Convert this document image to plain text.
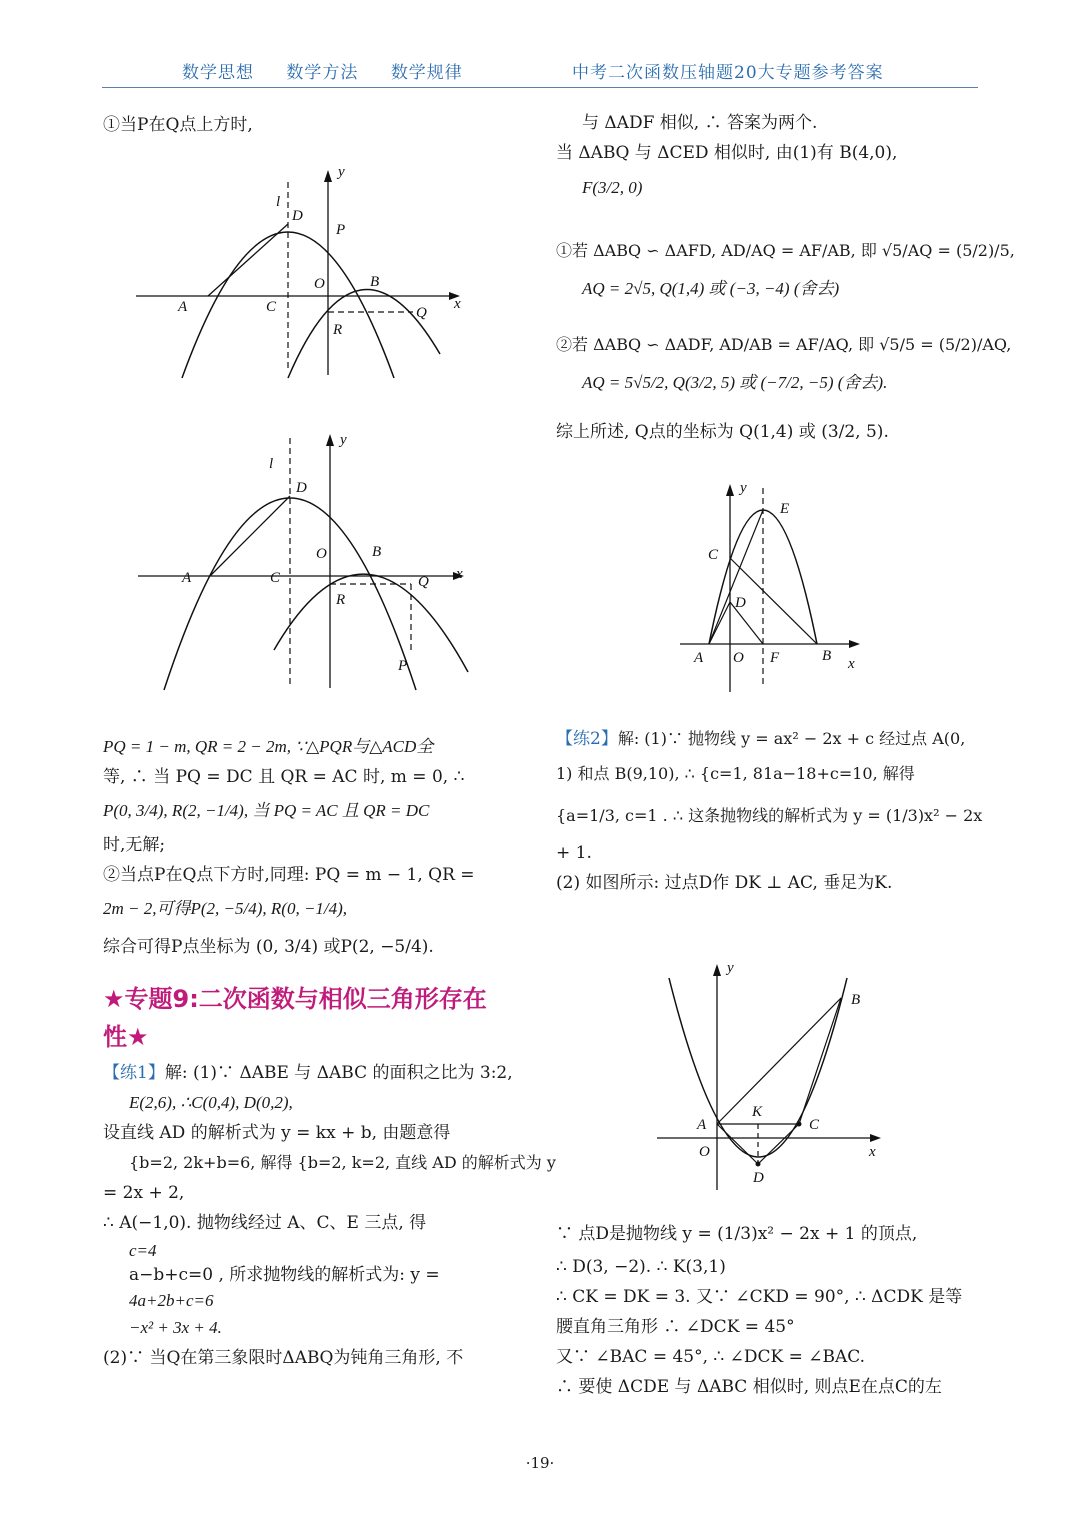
数学思想 数学方法 数学规律	中考二次函数压轴题20大专题参考答案
①当P在Q点上方时,
l
D
P
y
O	B
A	C	Q
x
R
l
y
D
O	B
A	C	Q x
R
P
PQ = 1 − m, QR = 2 − 2m, ∵△PQR与△ACD全
等, ∴ 当 PQ = DC 且 QR = AC 时, m = 0, ∴
P(0, 3/4), R(2, −1/4), 当 PQ = AC 且 QR = DC
时,无解;
②当点P在Q点下方时,同理: PQ = m − 1, QR =
2m − 2,可得P(2, −5/4), R(0, −1/4),
综合可得P点坐标为 (0, 3/4) 或P(2, −5/4).
★专题9:二次函数与相似三角形存在
性★
【练1】解: (1)∵ ΔABE 与 ΔABC 的面积之比为 3:2,
E(2,6), ∴C(0,4), D(0,2),
设直线 AD 的解析式为 y = kx + b, 由题意得
{b=2, 2k+b=6, 解得 {b=2, k=2, 直线 AD 的解析式为 y
= 2x + 2,
∴ A(−1,0). 抛物线经过 A、C、E 三点, 得
c=4
a−b+c=0 , 所求抛物线的解析式为: y =
4a+2b+c=6
−x² + 3x + 4.
(2)∵ 当Q在第三象限时ΔABQ为钝角三角形, 不
与 ΔADF 相似, ∴ 答案为两个.
当 ΔABQ 与 ΔCED 相似时, 由(1)有 B(4,0),
F(3/2, 0)
①若 ΔABQ ∽ ΔAFD, AD/AQ = AF/AB, 即 √5/AQ = (5/2)/5,
AQ = 2√5, Q(1,4) 或 (−3, −4) (舍去)
②若 ΔABQ ∽ ΔADF, AD/AB = AF/AQ, 即 √5/5 = (5/2)/AQ,
AQ = 5√5/2, Q(3/2, 5) 或 (−7/2, −5) (舍去).
综上所述, Q点的坐标为 Q(1,4) 或 (3/2, 5).
y
E
C
D
A O F	B x
【练2】解: (1)∵ 抛物线 y = ax² − 2x + c 经过点 A(0,
1) 和点 B(9,10), ∴ {c=1, 81a−18+c=10, 解得
{a=1/3, c=1 . ∴ 这条抛物线的解析式为 y = (1/3)x² − 2x
+ 1.
(2) 如图所示: 过点D作 DK ⊥ AC, 垂足为K.
y
B
K
A	C
O	x
D
∵ 点D是抛物线 y = (1/3)x² − 2x + 1 的顶点,
∴ D(3, −2). ∴ K(3,1)
∴ CK = DK = 3. 又∵ ∠CKD = 90°, ∴ ΔCDK 是等
腰直角三角形 ∴ ∠DCK = 45°
又∵ ∠BAC = 45°, ∴ ∠DCK = ∠BAC.
∴ 要使 ΔCDE 与 ΔABC 相似时, 则点E在点C的左
·19·
